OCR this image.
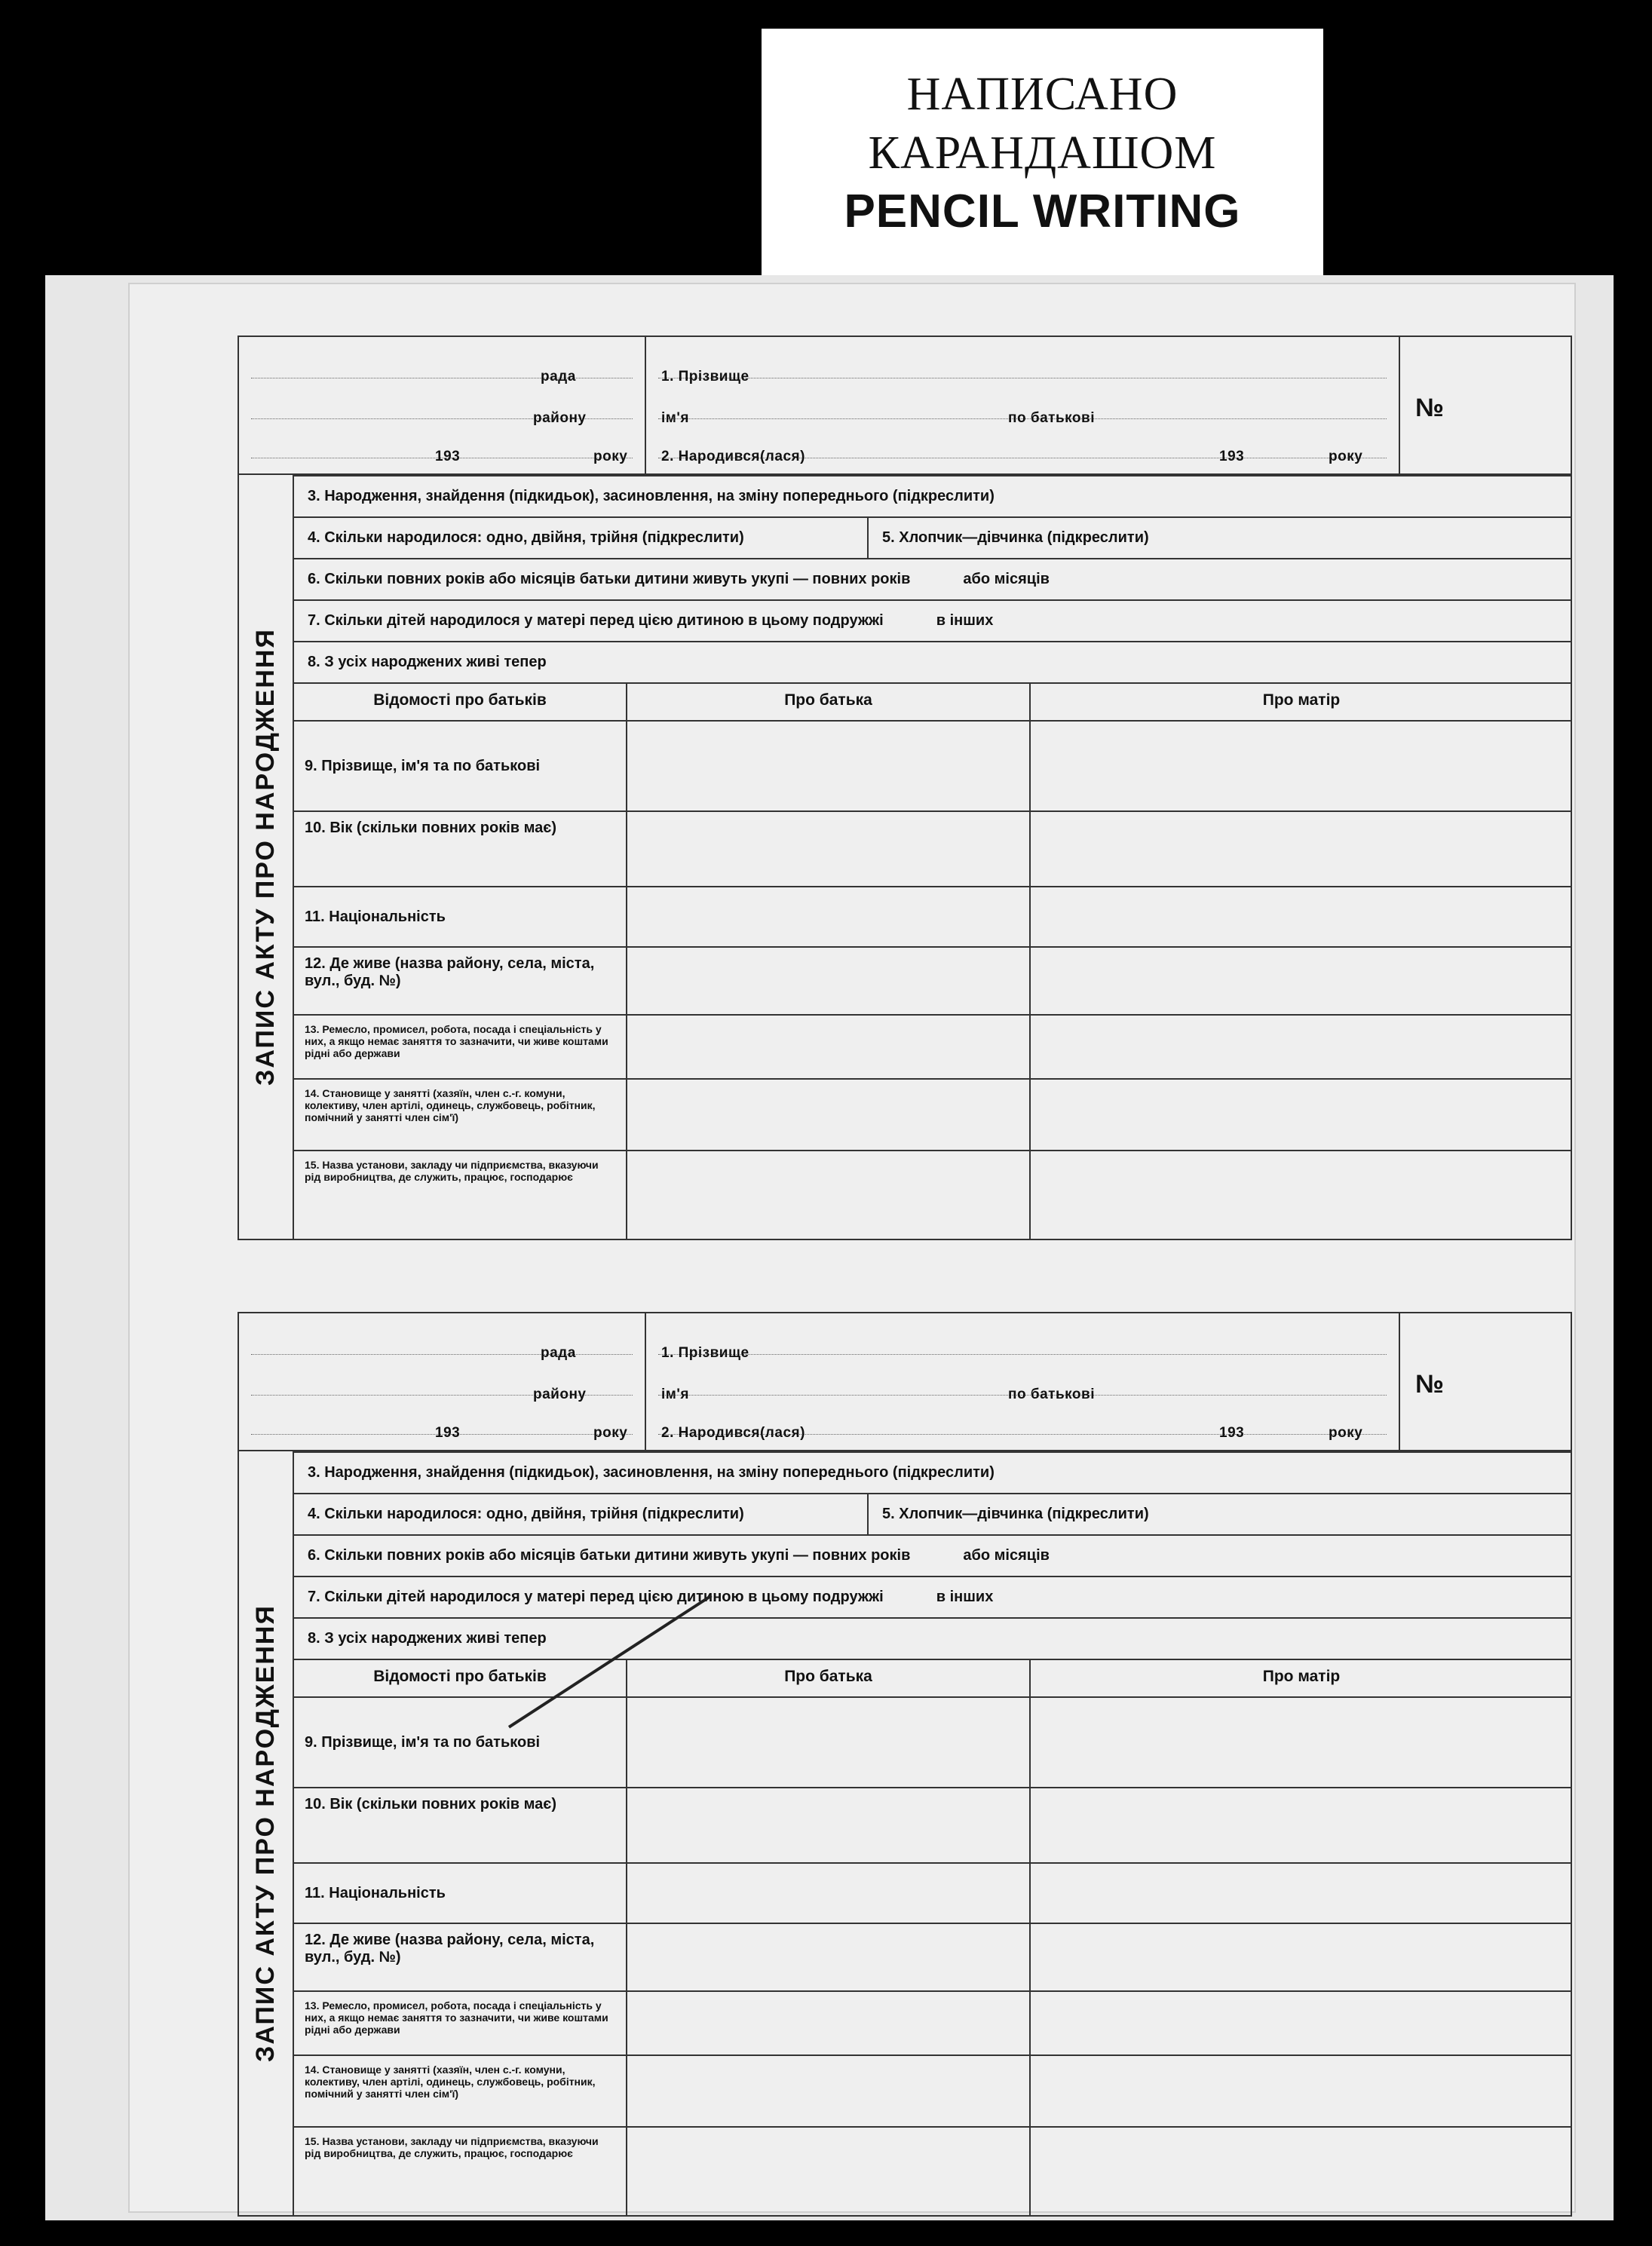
НАПИСАНО
КАРАНДАШОМ
PENCIL WRITING
рада
району
193	року
1. Прізвище
ім'я	по батькові
2. Народився(лася)	193	року
№
ЗАПИС АКТУ ПРО НАРОДЖЕННЯ
3. Народження, знайдення (підкидьок), засиновлення, на зміну попереднього (підкреслити)
4. Скільки народилося: одно, двійня, трійня (підкреслити)	5. Хлопчик—дівчинка (підкреслити)
6. Скільки повних років або місяців батьки дитини живуть укупі — повних років	або місяців
7. Скільки дітей народилося у матері перед цією дитиною в цьому подружжі	в інших
8. З усіх народжених живі тепер
Відомості про батьків	Про батька	Про матір
9. Прізвище, ім'я та по батькові
10. Вік (скільки повних років має)
11. Національність
12. Де живе (назва району, села, міста, вул., буд. №)
13. Ремесло, промисел, робота, посада і спеціальність у них, а якщо немає заняття то зазначити, чи живе коштами рідні або держави
14. Становище у занятті (хазяїн, член с.-г. комуни, колективу, член артілі, одинець, службовець, робітник, помічний у занятті член сім'ї)
15. Назва установи, закладу чи підприємства, вказуючи рід виробництва, де служить, працює, господарює
рада
району
193	року
1. Прізвище
ім'я	по батькові
2. Народився(лася)	193	року
№
ЗАПИС АКТУ ПРО НАРОДЖЕННЯ
3. Народження, знайдення (підкидьок), засиновлення, на зміну попереднього (підкреслити)
4. Скільки народилося: одно, двійня, трійня (підкреслити)	5. Хлопчик—дівчинка (підкреслити)
6. Скільки повних років або місяців батьки дитини живуть укупі — повних років	або місяців
7. Скільки дітей народилося у матері перед цією дитиною в цьому подружжі	в інших
8. З усіх народжених живі тепер
Відомості про батьків	Про батька	Про матір
9. Прізвище, ім'я та по батькові
10. Вік (скільки повних років має)
11. Національність
12. Де живе (назва району, села, міста, вул., буд. №)
13. Ремесло, промисел, робота, посада і спеціальність у них, а якщо немає заняття то зазначити, чи живе коштами рідні або держави
14. Становище у занятті (хазяїн, член с.-г. комуни, колективу, член артілі, одинець, службовець, робітник, помічний у занятті член сім'ї)
15. Назва установи, закладу чи підприємства, вказуючи рід виробництва, де служить, працює, господарює
